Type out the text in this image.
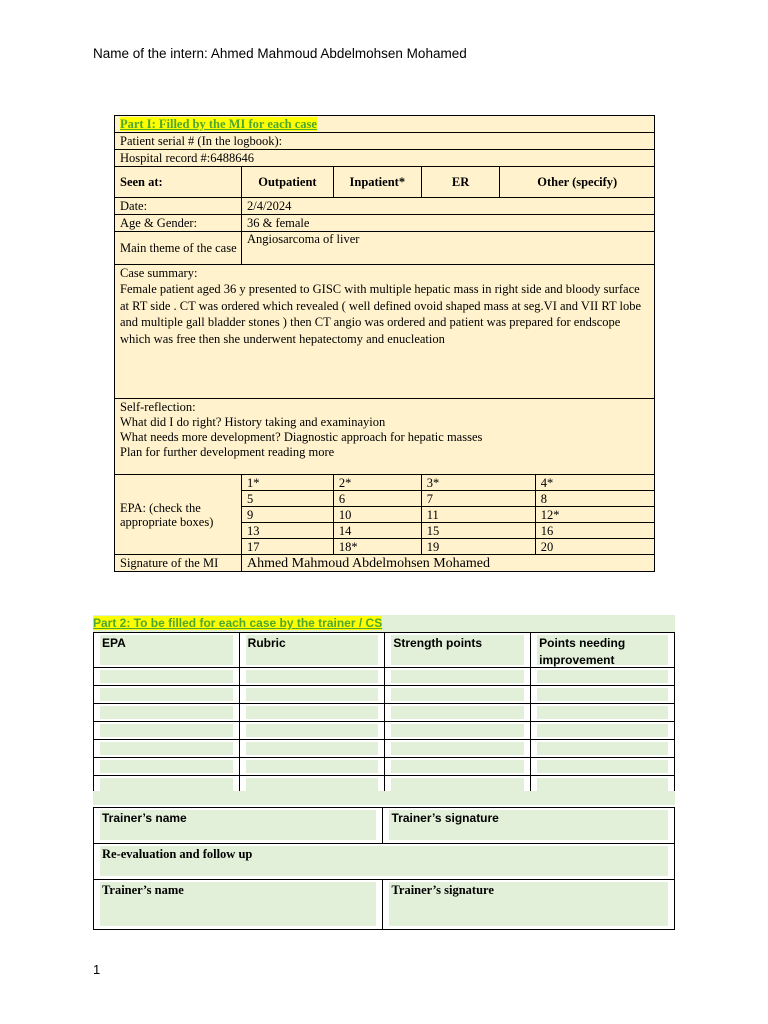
Name of the intern: Ahmed Mahmoud Abdelmohsen Mohamed
Part I: Filled by the MI for each case
Patient serial # (In the logbook):
Hospital record #:6488646
Seen at:	Outpatient	Inpatient*	ER	Other (specify)
Date:	2/4/2024
Age & Gender:	36 & female
Main theme of the case	Angiosarcoma of liver

Case summary:
Female patient aged 36 y presented to GISC with multiple hepatic mass in right side and bloody surface at RT side . CT was ordered which revealed ( well defined ovoid shaped mass at seg.VI and VII RT lobe and multiple gall bladder stones ) then CT angio was ordered and patient was prepared for endscope which was free then she underwent hepatectomy and enucleation

Self-reflection:
What did I do right? History taking and examinayion
What needs more development? Diagnostic approach for hepatic masses
Plan for further development reading more

EPA: (check the appropriate boxes)	1*	2*		3*	4*

5	6		7	8

9	10		11	12*

13	14		15	16

17	18*		19	20

Signature of the MI	Ahmed Mahmoud Abdelmohsen Mohamed
Part 2: To be filled for each case by the trainer / CS
EPA	Rubric	Strength points	Points needing improvement

Trainer’s name	Trainer’s signature

Re-evaluation and follow up	

Trainer’s name	Trainer’s signature
1
